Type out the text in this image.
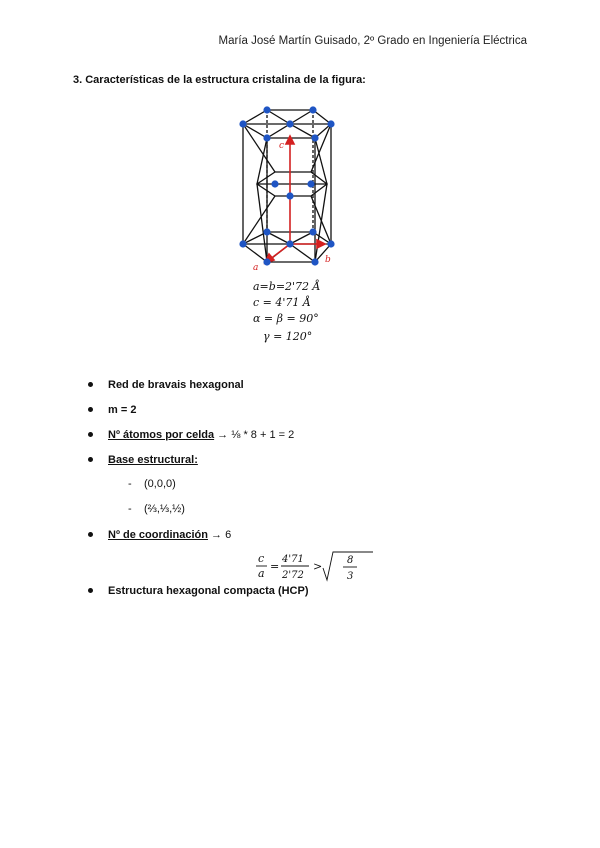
María José Martín Guisado, 2º Grado en Ingeniería Eléctrica
3. Características de la estructura cristalina de la figura:
c
b
a
a=b=2'72 Å
c = 4'71 Å
α = β = 90°
γ = 120°
Red de bravais hexagonal
m = 2
Nº átomos por celda → ⅛ * 8 + 1 = 2
Base estructural:
- (0,0,0)
- (⅔,⅓,½)
Nº de coordinación → 6
Estructura hexagonal compacta (HCP)
c
a
=
4'71
2'72
> 8
3
